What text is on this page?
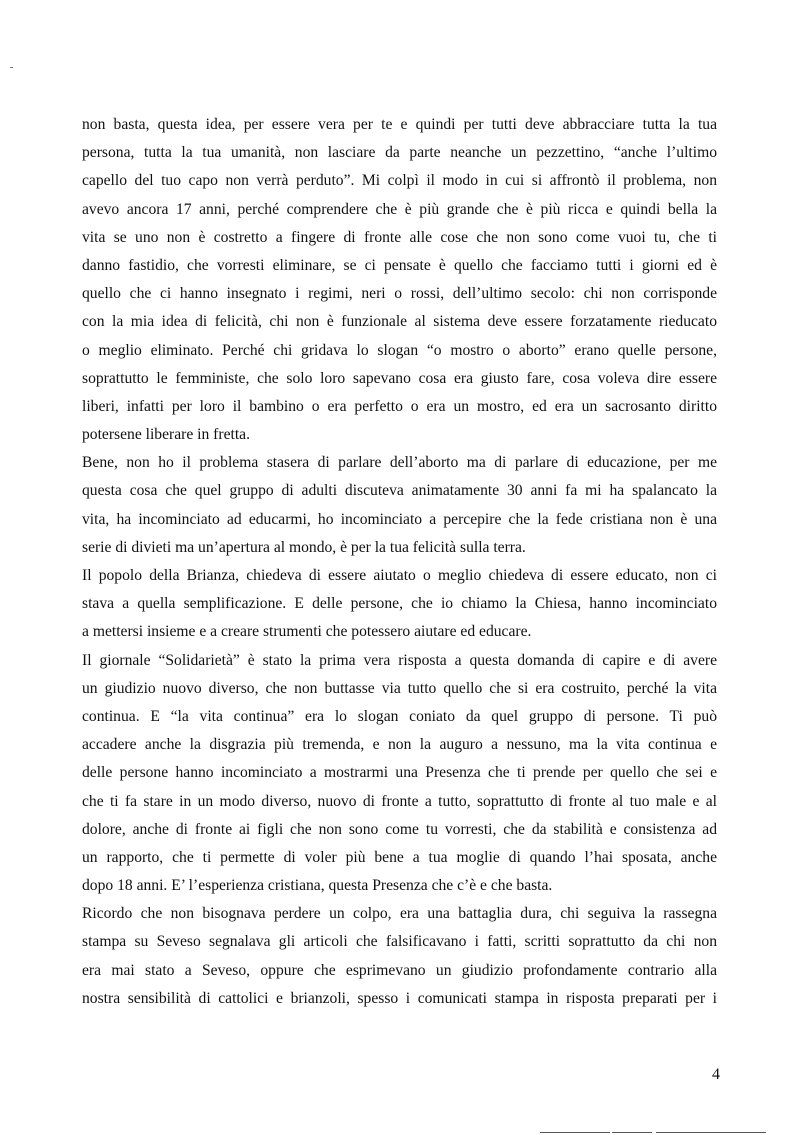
non basta, questa idea, per essere vera per te e quindi per tutti deve abbracciare tutta la tua
persona, tutta la tua umanità, non lasciare da parte neanche un pezzettino, “anche l’ultimo
capello del tuo capo non verrà perduto”. Mi colpì il modo in cui si affrontò il problema, non
avevo ancora 17 anni, perché comprendere che è più grande che è più ricca e quindi bella la
vita se uno non è costretto a fingere di fronte alle cose che non sono come vuoi tu, che ti
danno fastidio, che vorresti eliminare, se ci pensate è quello che facciamo tutti i giorni ed è
quello che ci hanno insegnato i regimi, neri o rossi, dell’ultimo secolo: chi non corrisponde
con la mia idea di felicità, chi non è funzionale al sistema deve essere forzatamente rieducato
o meglio eliminato. Perché chi gridava lo slogan “o mostro o aborto” erano quelle persone,
soprattutto le femministe, che solo loro sapevano cosa era giusto fare, cosa voleva dire essere
liberi, infatti per loro il bambino o era perfetto o era un mostro, ed era un sacrosanto diritto
potersene liberare in fretta.
Bene, non ho il problema stasera di parlare dell’aborto ma di parlare di educazione, per me
questa cosa che quel gruppo di adulti discuteva animatamente 30 anni fa mi ha spalancato la
vita, ha incominciato ad educarmi, ho incominciato a percepire che la fede cristiana non è una
serie di divieti ma un’apertura al mondo, è per la tua felicità sulla terra.
Il popolo della Brianza, chiedeva di essere aiutato o meglio chiedeva di essere educato, non ci
stava a quella semplificazione. E delle persone, che io chiamo la Chiesa, hanno incominciato
a mettersi insieme e a creare strumenti che potessero aiutare ed educare.
Il giornale “Solidarietà” è stato la prima vera risposta a questa domanda di capire e di avere
un giudizio nuovo diverso, che non buttasse via tutto quello che si era costruito, perché la vita
continua. E “la vita continua” era lo slogan coniato da quel gruppo di persone. Ti può
accadere anche la disgrazia più tremenda, e non la auguro a nessuno, ma la vita continua e
delle persone hanno incominciato a mostrarmi una Presenza che ti prende per quello che sei e
che ti fa stare in un modo diverso, nuovo di fronte a tutto, soprattutto di fronte al tuo male e al
dolore, anche di fronte ai figli che non sono come tu vorresti, che da stabilità e consistenza ad
un rapporto, che ti permette di voler più bene a tua moglie di quando l’hai sposata, anche
dopo 18 anni. E’ l’esperienza cristiana, questa Presenza che c’è e che basta.
Ricordo che non bisognava perdere un colpo, era una battaglia dura, chi seguiva la rassegna
stampa su Seveso segnalava gli articoli che falsificavano i fatti, scritti soprattutto da chi non
era mai stato a Seveso, oppure che esprimevano un giudizio profondamente contrario alla
nostra sensibilità di cattolici e brianzoli, spesso i comunicati stampa in risposta preparati per i
4
